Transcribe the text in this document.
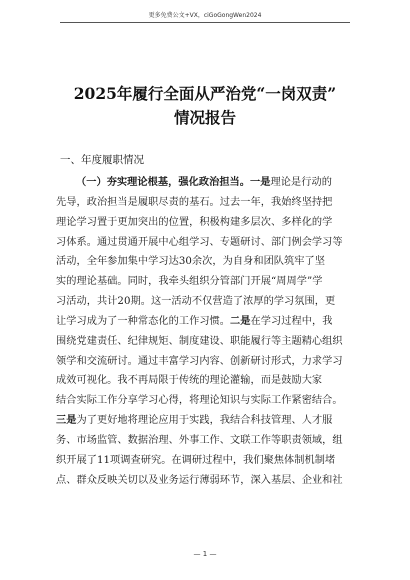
更多免费公文+VX，ciGoGongWen2024
2025年履行全面从严治党“一岗双责”
情况报告
一、年度履职情况
（一）夯实理论根基，强化政治担当。一是理论是行动的
先导，政治担当是履职尽责的基石。过去一年，我始终坚持把
理论学习置于更加突出的位置，积极构建多层次、多样化的学
习体系。通过贯通开展中心组学习、专题研讨、部门例会学习等
活动，全年参加集中学习达30余次，为自身和团队筑牢了坚
实的理论基础。同时，我牵头组织分管部门开展“周周学”学
习活动，共计20期。这一活动不仅营造了浓厚的学习氛围，更
让学习成为了一种常态化的工作习惯。二是在学习过程中，我
围绕党建责任、纪律规矩、制度建设、职能履行等主题精心组织
领学和交流研讨。通过丰富学习内容、创新研讨形式，力求学习
成效可视化。我不再局限于传统的理论灌输，而是鼓励大家
结合实际工作分享学习心得，将理论知识与实际工作紧密结合。
三是为了更好地将理论应用于实践，我结合科技管理、人才服
务、市场监管、数据治理、外事工作、文联工作等职责领域，组
织开展了11项调查研究。在调研过程中，我们聚焦体制机制堵
点、群众反映关切以及业务运行薄弱环节，深入基层、企业和社
— 1 —
